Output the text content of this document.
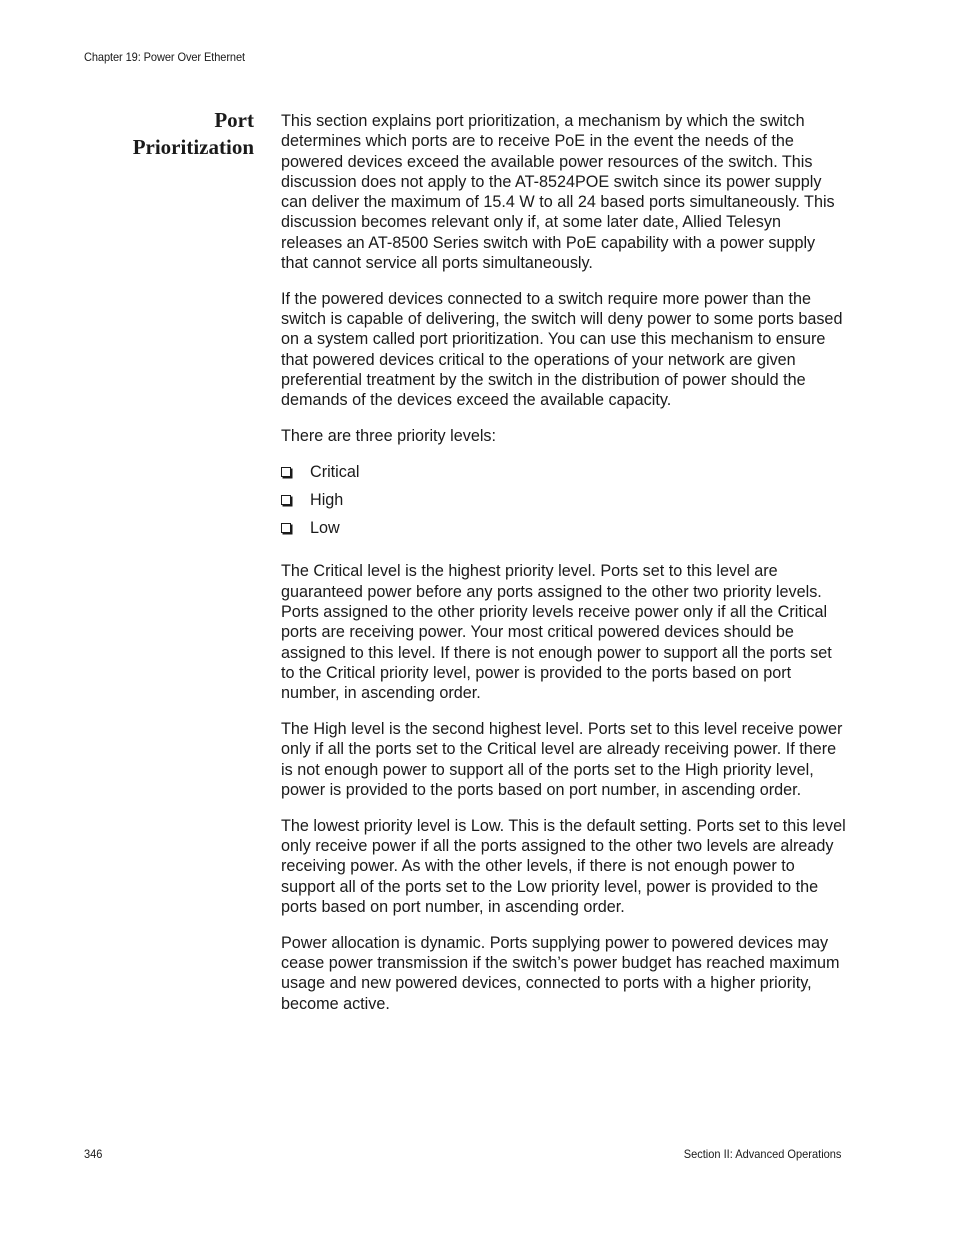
Chapter 19: Power Over Ethernet
Port
Prioritization

This section explains port prioritization, a mechanism by which the switch determines which ports are to receive PoE in the event the needs of the powered devices exceed the available power resources of the switch. This discussion does not apply to the AT-8524POE switch since its power supply can deliver the maximum of 15.4 W to all 24 based ports simultaneously. This discussion becomes relevant only if, at some later date, Allied Telesyn releases an AT-8500 Series switch with PoE capability with a power supply that cannot service all ports simultaneously.

If the powered devices connected to a switch require more power than the switch is capable of delivering, the switch will deny power to some ports based on a system called port prioritization. You can use this mechanism to ensure that powered devices critical to the operations of your network are given preferential treatment by the switch in the distribution of power should the demands of the devices exceed the available capacity.

There are three priority levels:

Critical
High
Low

The Critical level is the highest priority level. Ports set to this level are guaranteed power before any ports assigned to the other two priority levels. Ports assigned to the other priority levels receive power only if all the Critical ports are receiving power. Your most critical powered devices should be assigned to this level. If there is not enough power to support all the ports set to the Critical priority level, power is provided to the ports based on port number, in ascending order.

The High level is the second highest level. Ports set to this level receive power only if all the ports set to the Critical level are already receiving power. If there is not enough power to support all of the ports set to the High priority level, power is provided to the ports based on port number, in ascending order.

The lowest priority level is Low. This is the default setting. Ports set to this level only receive power if all the ports assigned to the other two levels are already receiving power. As with the other levels, if there is not enough power to support all of the ports set to the Low priority level, power is provided to the ports based on port number, in ascending order.

Power allocation is dynamic. Ports supplying power to powered devices may cease power transmission if the switch’s power budget has reached maximum usage and new powered devices, connected to ports with a higher priority, become active.

346	Section II: Advanced Operations
